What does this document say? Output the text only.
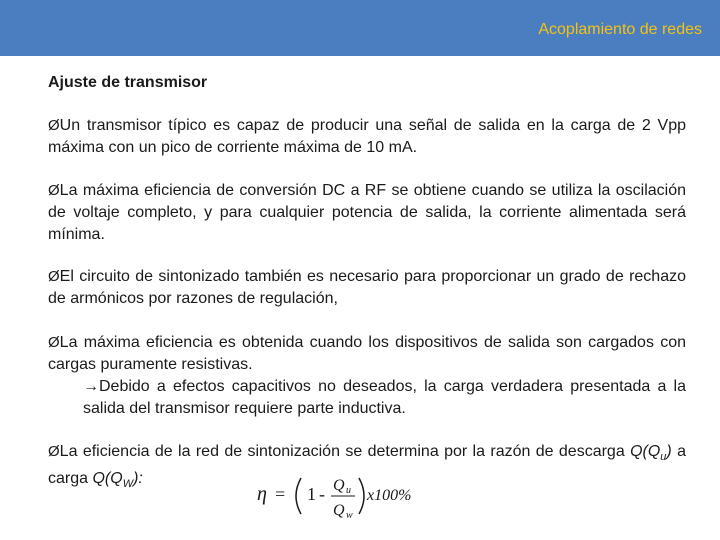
Acoplamiento de redes
Ajuste de transmisor
ØUn transmisor típico es capaz de producir una señal de salida en la carga de 2 Vpp máxima con un pico de corriente máxima de 10 mA.
ØLa máxima eficiencia de conversión DC a RF se obtiene cuando se utiliza la oscilación de voltaje completo, y para cualquier potencia de salida, la corriente alimentada será mínima.
ØEl circuito de sintonizado también es necesario para proporcionar un grado de rechazo de armónicos por razones de regulación,
ØLa máxima eficiencia es obtenida cuando los dispositivos de salida son cargados con cargas puramente resistivas.
→Debido a efectos capacitivos no deseados, la carga verdadera presentada a la salida del transmisor requiere parte inductiva.
ØLa eficiencia de la red de sintonización se determina por la razón de descarga $Q(Q_u)$ a carga $Q(Q_W)$:
η = 1 - Q u
Q w
x100%
